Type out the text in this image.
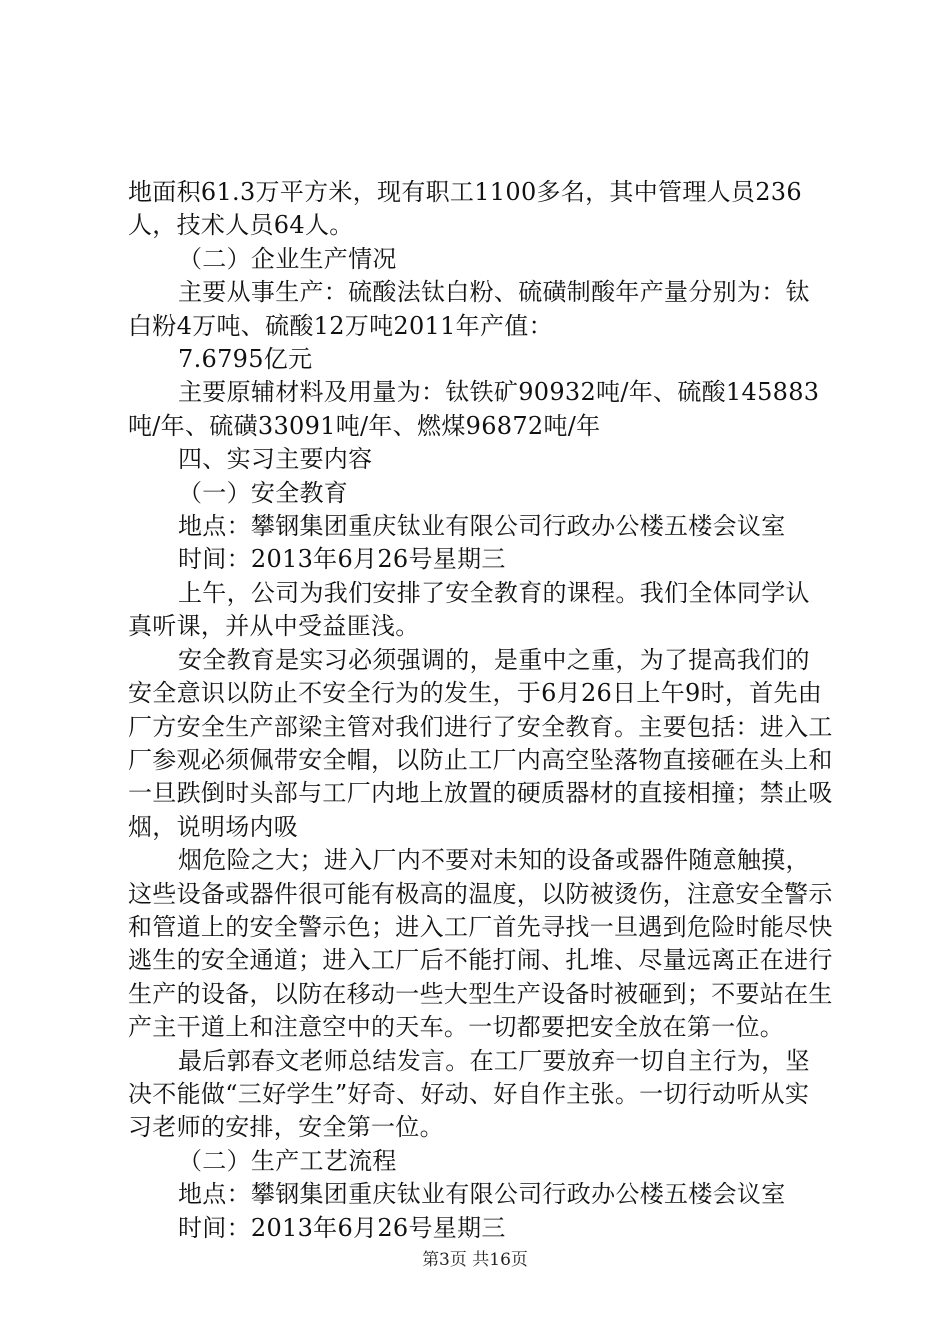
地面积61.3万平方米，现有职工1100多名，其中管理人员236人，技术人员64人。

（二）企业生产情况

主要从事生产：硫酸法钛白粉、硫磺制酸年产量分别为：钛白粉4万吨、硫酸12万吨2011年产值：

7.6795亿元

主要原辅材料及用量为：钛铁矿90932吨/年、硫酸145883吨/年、硫磺33091吨/年、燃煤96872吨/年

四、实习主要内容

（一）安全教育

地点：攀钢集团重庆钛业有限公司行政办公楼五楼会议室

时间：2013年6月26号星期三

上午，公司为我们安排了安全教育的课程。我们全体同学认真听课，并从中受益匪浅。

安全教育是实习必须强调的，是重中之重，为了提高我们的安全意识以防止不安全行为的发生，于6月26日上午9时，首先由厂方安全生产部梁主管对我们进行了安全教育。主要包括：进入工厂参观必须佩带安全帽，以防止工厂内高空坠落物直接砸在头上和一旦跌倒时头部与工厂内地上放置的硬质器材的直接相撞；禁止吸烟，说明场内吸

烟危险之大；进入厂内不要对未知的设备或器件随意触摸，这些设备或器件很可能有极高的温度，以防被烫伤，注意安全警示和管道上的安全警示色；进入工厂首先寻找一旦遇到危险时能尽快逃生的安全通道；进入工厂后不能打闹、扎堆、尽量远离正在进行生产的设备，以防在移动一些大型生产设备时被砸到；不要站在生产主干道上和注意空中的天车。一切都要把安全放在第一位。

最后郭春文老师总结发言。在工厂要放弃一切自主行为，坚决不能做“三好学生”好奇、好动、好自作主张。一切行动听从实习老师的安排，安全第一位。

（二）生产工艺流程

地点：攀钢集团重庆钛业有限公司行政办公楼五楼会议室

时间：2013年6月26号星期三

第3页 共16页
